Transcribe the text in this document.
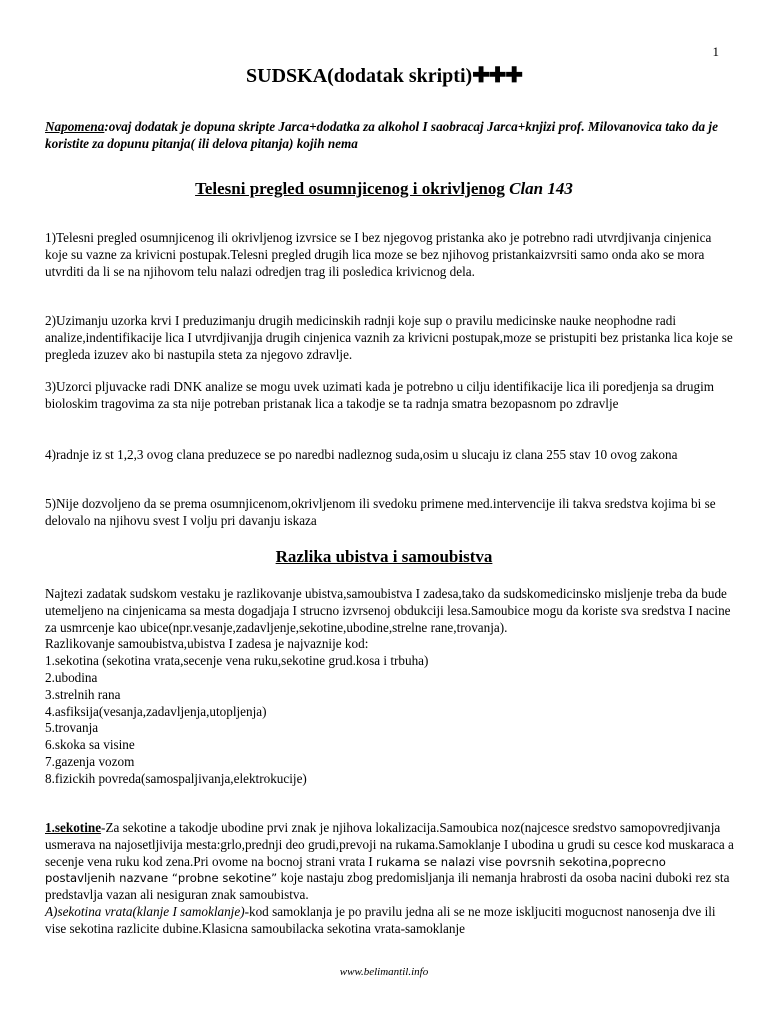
1
SUDSKA(dodatak skripti)✚✚✚
Napomena:ovaj dodatak je dopuna skripte Jarca+dodatka za alkohol I saobracaj Jarca+knjizi prof. Milovanovica tako da je koristite za dopunu pitanja( ili delova pitanja) kojih nema
Telesni pregled osumnjicenog i okrivljenog Clan 143

1)Telesni pregled osumnjicenog ili okrivljenog izvrsice se I bez njegovog pristanka ako je potrebno radi utvrdjivanja cinjenica koje su vazne za krivicni postupak.Telesni pregled drugih lica moze se bez njihovog pristankaizvrsiti samo onda ako se mora utvrditi da li se na njihovom telu nalazi odredjen trag ili posledica krivicnog dela.

2)Uzimanju uzorka krvi I preduzimanju drugih medicinskih radnji koje sup o pravilu medicinske nauke neophodne radi analize,indentifikacije lica I utvrdjivanjja drugih cinjenica vaznih za krivicni postupak,moze se pristupiti bez pristanka lica koje se pregleda izuzev ako bi nastupila steta za njegovo zdravlje.

3)Uzorci pljuvacke radi DNK analize se mogu uvek uzimati kada je potrebno u cilju identifikacije lica ili poredjenja sa drugim bioloskim tragovima za sta nije potreban pristanak lica a takodje se ta radnja smatra bezopasnom po zdravlje

4)radnje iz st 1,2,3 ovog clana preduzece se po naredbi nadleznog suda,osim u slucaju iz clana 255 stav 10 ovog zakona

5)Nije dozvoljeno da se prema osumnjicenom,okrivljenom ili svedoku primene med.intervencije ili takva sredstva kojima bi se delovalo na njihovu svest I volju pri davanju iskaza

Razlika ubistva i samoubistva

Najtezi zadatak sudskom vestaku je razlikovanje ubistva,samoubistva I zadesa,tako da sudskomedicinsko misljenje treba da bude utemeljeno na cinjenicama sa mesta dogadjaja I strucno izvrsenoj obdukciji lesa.Samoubice mogu da koriste sva sredstva I nacine za usmrcenje kao ubice(npr.vesanje,zadavljenje,sekotine,ubodine,strelne rane,trovanja).

Razlikovanje samoubistva,ubistva I zadesa je najvaznije kod:

1.sekotina (sekotina vrata,secenje vena ruku,sekotine grud.kosa i trbuha)
2.ubodina
3.strelnih rana
4.asfiksija(vesanja,zadavljenja,utopljenja)
5.trovanja
6.skoka sa visine
7.gazenja vozom
8.fizickih povreda(samospaljivanja,elektrokucije)

1.sekotine-Za sekotine a takodje ubodine prvi znak je njihova lokalizacija.Samoubica noz(najcesce sredstvo samopovredjivanja usmerava na najosetljivija mesta:grlo,prednji deo grudi,prevoji na rukama.Samoklanje I ubodina u grudi su cesce kod muskaraca a secenje vena ruku kod zena.Pri ovome na bocnoj strani vrata I rukama se nalazi vise povrsnih sekotina,poprecno postavljenih nazvane “probne sekotine” koje nastaju zbog predomisljanja ili nemanja hrabrosti da osoba nacini duboki rez sta predstavlja vazan ali nesiguran znak samoubistva.

A)sekotina vrata(klanje I samoklanje)-kod samoklanja je po pravilu jedna ali se ne moze iskljuciti mogucnost nanosenja dve ili vise sekotina razlicite dubine.Klasicna samoubilacka sekotina vrata-samoklanje

www.belimantil.info
